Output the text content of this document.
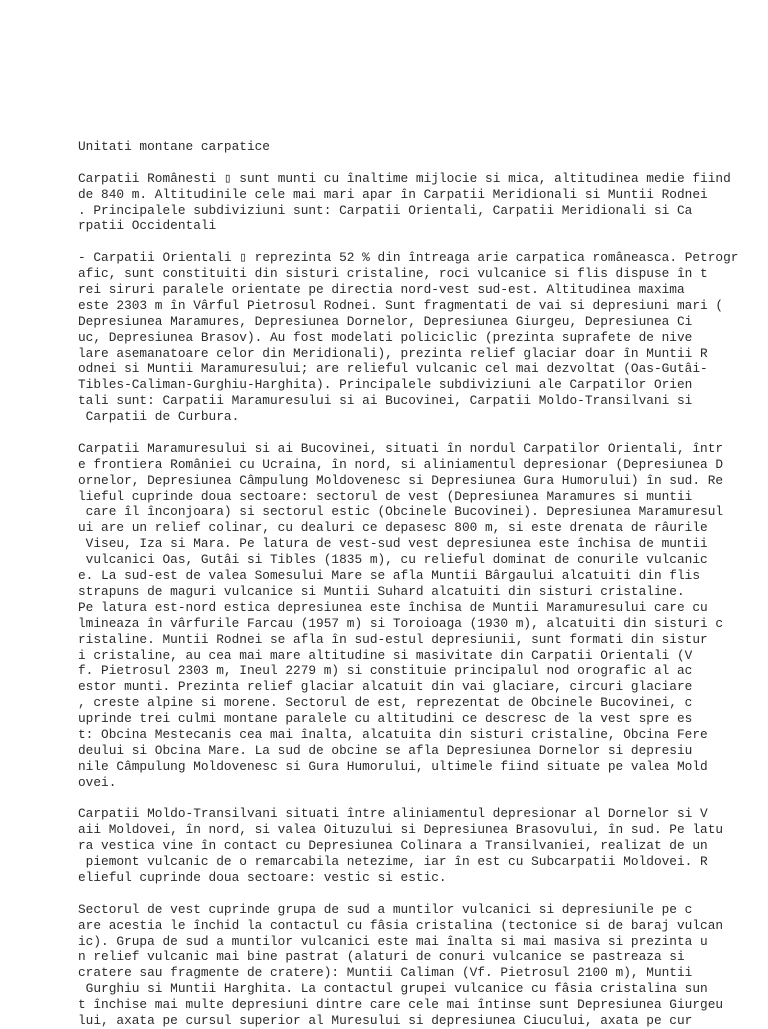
Unitati montane carpatice
Carpatii Românesti ▯ sunt munti cu înaltime mijlocie si mica, altitudinea medie fiind
de 840 m. Altitudinile cele mai mari apar în Carpatii Meridionali si Muntii Rodnei
. Principalele subdiviziuni sunt: Carpatii Orientali, Carpatii Meridionali si Ca
rpatii Occidentali
- Carpatii Orientali ▯ reprezinta 52 % din întreaga arie carpatica româneasca. Petrogr
afic, sunt constituiti din sisturi cristaline, roci vulcanice si flis dispuse în t
rei siruri paralele orientate pe directia nord-vest sud-est. Altitudinea maxima
este 2303 m în Vârful Pietrosul Rodnei. Sunt fragmentati de vai si depresiuni mari (
Depresiunea Maramures, Depresiunea Dornelor, Depresiunea Giurgeu, Depresiunea Ci
uc, Depresiunea Brasov). Au fost modelati policiclic (prezinta suprafete de nive
lare asemanatoare celor din Meridionali), prezinta relief glaciar doar în Muntii R
odnei si Muntii Maramuresului; are relieful vulcanic cel mai dezvoltat (Oas-Gutâi-
Tibles-Caliman-Gurghiu-Harghita). Principalele subdiviziuni ale Carpatilor Orien
tali sunt: Carpatii Maramuresului si ai Bucovinei, Carpatii Moldo-Transilvani si
Carpatii de Curbura.
Carpatii Maramuresului si ai Bucovinei, situati în nordul Carpatilor Orientali, într
e frontiera României cu Ucraina, în nord, si aliniamentul depresionar (Depresiunea D
ornelor, Depresiunea Câmpulung Moldovenesc si Depresiunea Gura Humorului) în sud. Re
lieful cuprinde doua sectoare: sectorul de vest (Depresiunea Maramures si muntii
care îl înconjoara) si sectorul estic (Obcinele Bucovinei). Depresiunea Maramuresul
ui are un relief colinar, cu dealuri ce depasesc 800 m, si este drenata de râurile
Viseu, Iza si Mara. Pe latura de vest-sud vest depresiunea este închisa de muntii
vulcanici Oas, Gutâi si Tibles (1835 m), cu relieful dominat de conurile vulcanic
e. La sud-est de valea Somesului Mare se afla Muntii Bârgaului alcatuiti din flis
strapuns de maguri vulcanice si Muntii Suhard alcatuiti din sisturi cristaline.
Pe latura est-nord estica depresiunea este închisa de Muntii Maramuresului care cu
lmineaza în vârfurile Farcau (1957 m) si Toroioaga (1930 m), alcatuiti din sisturi c
ristaline. Muntii Rodnei se afla în sud-estul depresiunii, sunt formati din sistur
i cristaline, au cea mai mare altitudine si masivitate din Carpatii Orientali (V
f. Pietrosul 2303 m, Ineul 2279 m) si constituie principalul nod orografic al ac
estor munti. Prezinta relief glaciar alcatuit din vai glaciare, circuri glaciare
, creste alpine si morene. Sectorul de est, reprezentat de Obcinele Bucovinei, c
uprinde trei culmi montane paralele cu altitudini ce descresc de la vest spre es
t: Obcina Mestecanis cea mai înalta, alcatuita din sisturi cristaline, Obcina Fere
deului si Obcina Mare. La sud de obcine se afla Depresiunea Dornelor si depresiu
nile Câmpulung Moldovenesc si Gura Humorului, ultimele fiind situate pe valea Mold
ovei.
Carpatii Moldo-Transilvani situati între aliniamentul depresionar al Dornelor si V
aii Moldovei, în nord, si valea Oituzului si Depresiunea Brasovului, în sud. Pe latu
ra vestica vine în contact cu Depresiunea Colinara a Transilvaniei, realizat de un
piemont vulcanic de o remarcabila netezime, iar în est cu Subcarpatii Moldovei. R
elieful cuprinde doua sectoare: vestic si estic.
Sectorul de vest cuprinde grupa de sud a muntilor vulcanici si depresiunile pe c
are acestia le închid la contactul cu fâsia cristalina (tectonice si de baraj vulcan
ic). Grupa de sud a muntilor vulcanici este mai înalta si mai masiva si prezinta u
n relief vulcanic mai bine pastrat (alaturi de conuri vulcanice se pastreaza si
cratere sau fragmente de cratere): Muntii Caliman (Vf. Pietrosul 2100 m), Muntii
Gurghiu si Muntii Harghita. La contactul grupei vulcanice cu fâsia cristalina sun
t închise mai multe depresiuni dintre care cele mai întinse sunt Depresiunea Giurgeu
lui, axata pe cursul superior al Muresului si depresiunea Ciucului, axata pe cur
